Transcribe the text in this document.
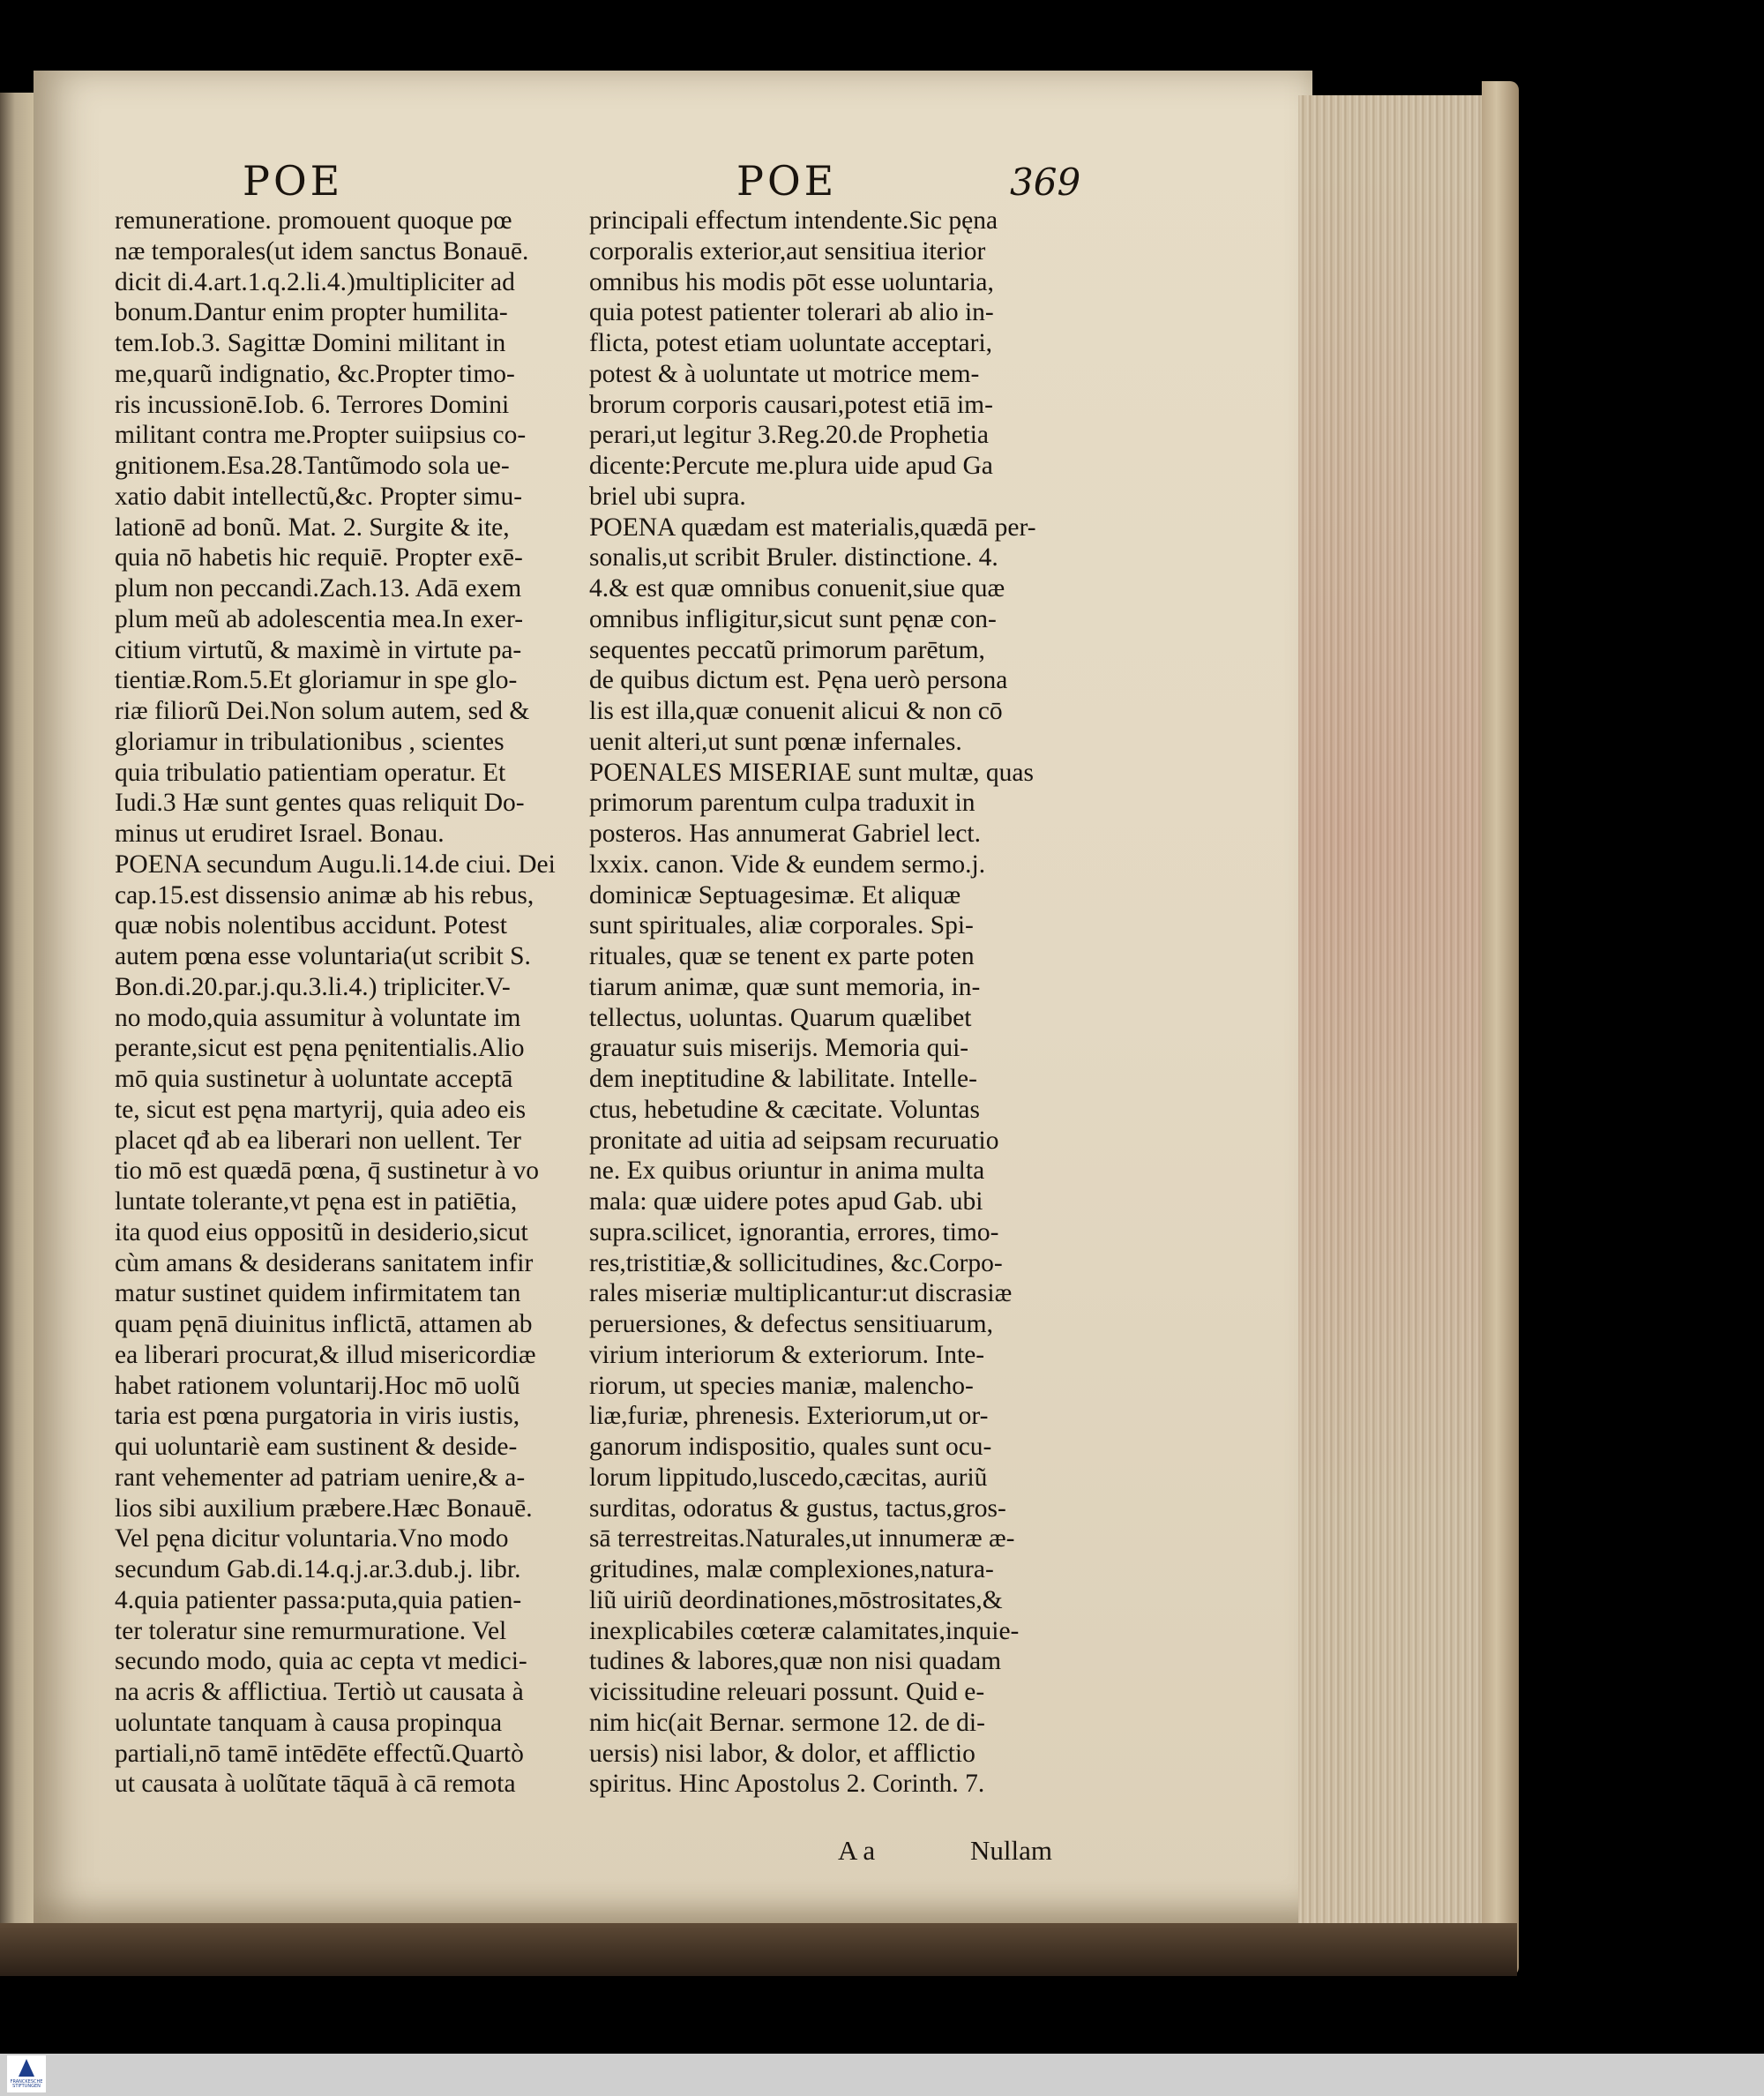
POE	POE	369
remuneratione. promouent quoque pœ
næ temporales(ut idem sanctus Bonauē.
dicit di.4.art.1.q.2.li.4.)multipliciter ad
bonum.Dantur enim propter humilita-
tem.Iob.3. Sagittæ Domini militant in
me,quarũ indignatio, &c.Propter timo-
ris incussionē.Iob. 6. Terrores Domini
militant contra me.Propter suiipsius co-
gnitionem.Esa.28.Tantũmodo sola ue-
xatio dabit intellectũ,&c. Propter simu-
lationē ad bonũ. Mat. 2. Surgite & ite,
quia nō habetis hic requiē. Propter exē-
plum non peccandi.Zach.13. Adā exem
plum meũ ab adolescentia mea.In exer-
citium virtutũ, & maximè in virtute pa-
tientiæ.Rom.5.Et gloriamur in spe glo-
riæ filiorũ Dei.Non solum autem, sed &
gloriamur in tribulationibus , scientes
quia tribulatio patientiam operatur. Et
Iudi.3 Hæ sunt gentes quas reliquit Do-
minus ut erudiret Israel. Bonau.
POENA secundum Augu.li.14.de ciui. Dei
cap.15.est dissensio animæ ab his rebus,
quæ nobis nolentibus accidunt. Potest
autem pœna esse voluntaria(ut scribit S.
Bon.di.20.par.j.qu.3.li.4.) tripliciter.V-
no modo,quia assumitur à voluntate im
perante,sicut est pęna pęnitentialis.Alio
mō quia sustinetur à uoluntate acceptā
te, sicut est pęna martyrij, quia adeo eis
placet qđ ab ea liberari non uellent. Ter
tio mō est quædā pœna, q̄ sustinetur à vo
luntate tolerante,vt pęna est in patiētia,
ita quod eius oppositũ in desiderio,sicut
cùm amans & desiderans sanitatem infir
matur sustinet quidem infirmitatem tan
quam pęnā diuinitus inflictā, attamen ab
ea liberari procurat,& illud misericordiæ
habet rationem voluntarij.Hoc mō uolũ
taria est pœna purgatoria in viris iustis,
qui uoluntariè eam sustinent & deside-
rant vehementer ad patriam uenire,& a-
lios sibi auxilium præbere.Hæc Bonauē.
Vel pęna dicitur voluntaria.Vno modo
secundum Gab.di.14.q.j.ar.3.dub.j. libr.
4.quia patienter passa:puta,quia patien-
ter toleratur sine remurmuratione. Vel
secundo modo, quia ac cepta vt medici-
na acris & afflictiua. Tertiò ut causata à
uoluntate tanquam à causa propinqua
partiali,nō tamē intēdēte effectũ.Quartò
ut causata à uolũtate tāquā à cā remota
principali effectum intendente.Sic pęna
corporalis exterior,aut sensitiua iterior
omnibus his modis pōt esse uoluntaria,
quia potest patienter tolerari ab alio in-
flicta, potest etiam uoluntate acceptari,
potest & à uoluntate ut motrice mem-
brorum corporis causari,potest etiā im-
perari,ut legitur 3.Reg.20.de Prophetia
dicente:Percute me.plura uide apud Ga
briel ubi supra.
POENA quædam est materialis,quædā per-
sonalis,ut scribit Bruler. distinctione. 4.
4.& est quæ omnibus conuenit,siue quæ
omnibus infligitur,sicut sunt pęnæ con-
sequentes peccatũ primorum parētum,
de quibus dictum est. Pęna uerò persona
lis est illa,quæ conuenit alicui & non cō
uenit alteri,ut sunt pœnæ infernales.
POENALES MISERIAE sunt multæ, quas
primorum parentum culpa traduxit in
posteros. Has annumerat Gabriel lect.
lxxix. canon. Vide & eundem sermo.j.
dominicæ Septuagesimæ. Et aliquæ
sunt spirituales, aliæ corporales. Spi-
rituales, quæ se tenent ex parte poten
tiarum animæ, quæ sunt memoria, in-
tellectus, uoluntas. Quarum quælibet
grauatur suis miserijs. Memoria qui-
dem ineptitudine & labilitate. Intelle-
ctus, hebetudine & cæcitate. Voluntas
pronitate ad uitia ad seipsam recuruatio
ne. Ex quibus oriuntur in anima multa
mala: quæ uidere potes apud Gab. ubi
supra.scilicet, ignorantia, errores, timo-
res,tristitiæ,& sollicitudines, &c.Corpo-
rales miseriæ multiplicantur:ut discrasiæ
peruersiones, & defectus sensitiuarum,
virium interiorum & exteriorum. Inte-
riorum, ut species maniæ, malencho-
liæ,furiæ, phrenesis. Exteriorum,ut or-
ganorum indispositio, quales sunt ocu-
lorum lippitudo,luscedo,cæcitas, auriũ
surditas, odoratus & gustus, tactus,gros-
sā terrestreitas.Naturales,ut innumeræ æ-
gritudines, malæ complexiones,natura-
liũ uiriũ deordinationes,mōstrositates,&
inexplicabiles cœteræ calamitates,inquie-
tudines & labores,quæ non nisi quadam
vicissitudine releuari possunt. Quid e-
nim hic(ait Bernar. sermone 12. de di-
uersis) nisi labor, & dolor, et afflictio
spiritus. Hinc Apostolus 2. Corinth. 7.
Aa	Nullam
FRANCKESCHE STIFTUNGEN
